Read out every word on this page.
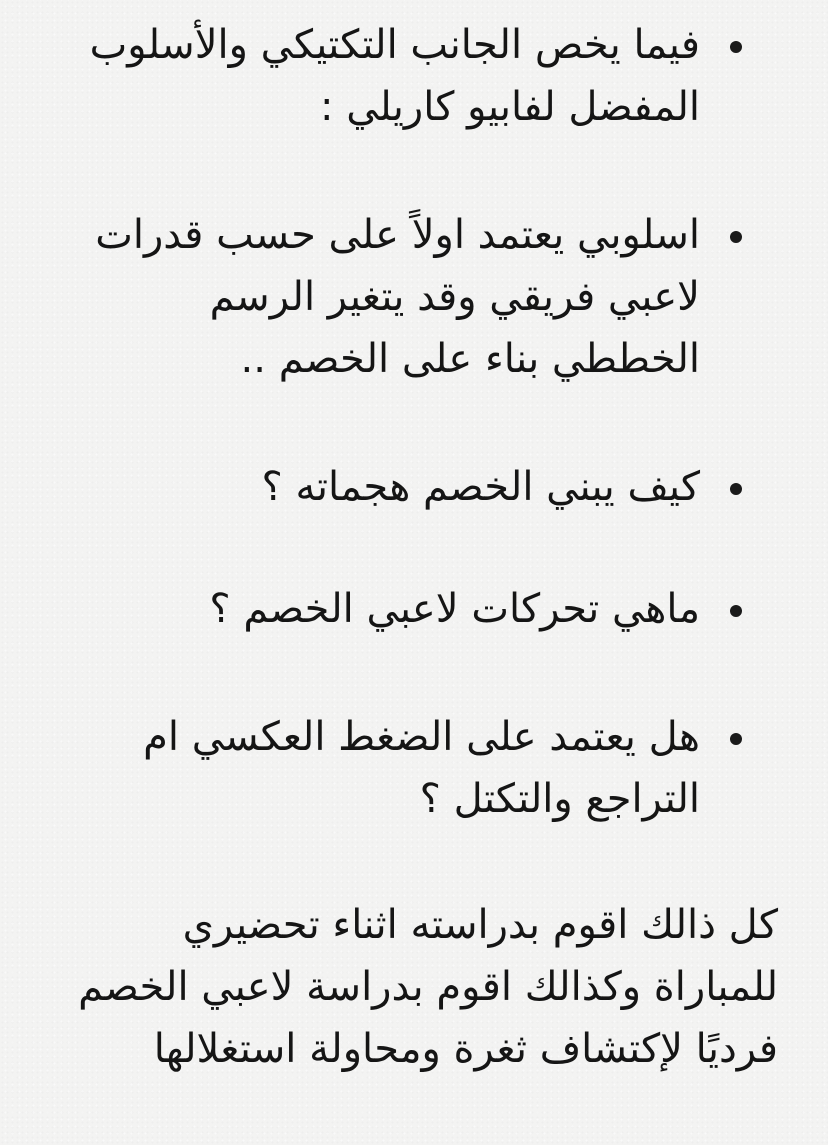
فيما يخص الجانب التكتيكي والأسلوب المفضل لفابيو كاريلي :
اسلوبي يعتمد اولاً على حسب قدرات لاعبي فريقي وقد يتغير الرسم الخططي بناء على الخصم ..
كيف يبني الخصم هجماته ؟
ماهي تحركات لاعبي الخصم ؟
هل يعتمد على الضغط العكسي ام التراجع والتكتل ؟

كل ذالك اقوم بدراسته اثناء تحضيري للمباراة وكذالك اقوم بدراسة لاعبي الخصم فرديًا لإكتشاف ثغرة ومحاولة استغلالها
